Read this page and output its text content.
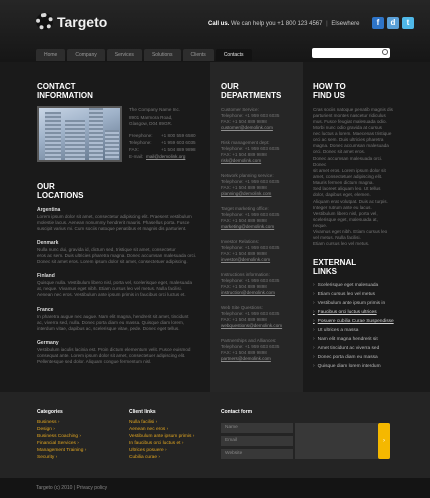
Targeto	Call us. We can help you +1 800 123 4567 | Elsewhere	f	d	t
Home	Company	Services	Solutions	Clients	Contacts
CONTACT
INFORMATION
The Company Name Inc.
8901 Marmora Road,
Glasgow, D04 89GR.
Freephone: +1 800 559 6580
Telephone: +1 959 603 6035
FAX:	+1 504 889 9898
E-mail: mail@demolink.org
OUR
LOCATIONS
Argentina
Lorem ipsum dolor sit amet, consectetur adipiscing elit. Praesent vestibulum
molestie lacus. Aenean nonummy hendrerit mauris. Phasellus porta. Fusce
suscipit varius mi. Cum sociis natoque penatibus et magnis dis parturient.
Denmark
Nulla nunc dui, gravida id, dictum sed, tristique sit amet, consectetur
eros ac sem. Duis ultricies pharetra magna. Donec accumsan malesuada orci.
Donec sit amet eros. Lorem ipsum dolor sit amet, consectetuer adipiscing.
Finland
Quisque nulla. Vestibulum libero nisl, porta vel, scelerisque eget, malesuada
at, neque. Vivamus eget nibh. Etiam cursus leo vel metus. Nulla facilisi.
Aenean nec eros. Vestibulum ante ipsum primis in faucibus orci luctus et.
France
In pharetra augue nec augue. Nam elit magna, hendrerit sit amet, tincidunt
ac, viverra sed, nulla. Donec porta diam eu massa. Quisque diam lorem,
interdum vitae, dapibus ac, scelerisque vitae, pede. Donec eget tellus.
Germany
Vestibulum iaculis lacinia est. Proin dictum elementum velit. Fusce euismod
consequat ante. Lorem ipsum dolor sit amet, consectetuer adipiscing elit.
Pellentesque sed dolor. Aliquam congue fermentum nisl.
OUR
DEPARTMENTS
Customer Service:
Telephone: +1 959 603 6035
FAX: +1 504 889 9898
customer@demolink.com
Risk management dept:
Telephone: +1 959 603 6035
FAX: +1 504 889 9898
risk@demolink.com
Network planning service:
Telephone: +1 959 603 6035
FAX: +1 504 889 9898
planning@demolink.com
Target marketing office:
Telephone: +1 959 603 6035
FAX: +1 504 889 9898
marketing@demolink.com
Investor Relations:
Telephone: +1 959 603 6035
FAX: +1 504 889 9898
investor@demolink.com
Instructions information:
Telephone: +1 959 603 6035
FAX: +1 504 889 9898
instruction@demolink.com
Web Site Questions:
Telephone: +1 959 603 6035
FAX: +1 504 889 9898
webquestions@demolink.com
Partnerships and Alliances:
Telephone: +1 959 603 6035
FAX: +1 504 889 9898
partners@demolink.com
HOW TO
FIND US
Cras sociis natoque penatib magnis dis
parturient montes nascetur ridiculus
mus. Fusce feugiat malesuada odio.
Morbi nunc odio gravida at cursus
nec luctus a lorem. Maecenas tristique
orci ac sem. Duis ultricies pharetra
magna. Donec accumsan malesuada
orci. Donec sit amet eros.
Donec accumsan malesuada orci. Donec
sit amet eros. Lorem ipsum dolor sit
amet, consectetuer adipiscing elit.
Mauris fermen dictum magna.
Sed laoreet aliquam leo. Ut tellus
dolor, dapibus eget, elemen.
Aliquam erat volutpat. Duis ac turpis.
Integer rutrum ante eu lacus.
Vestibulum libero nisl, porta vel,
scelerisque eget, malesuada at, neque.
Vivamus eget nibh. Etiam cursus leo
vel metus. Nulla facilisi.
Etiam cursus leo vel metus.
EXTERNAL
LINKS
› Scelerisque eget malesuada
› Etiam cursus leo vel metus
› Vestibulum ante ipsum primis in
› Faucibus orci luctus ultrices
› Posuere cubilia Curae Suspendisse
› Ut ultrices a massa
› Nam elit magna hendrerit sit
› Amet tincidunt ac viverra sed
› Donec porta diam eu massa
› Quisque diam lorem interdum
Categories
Business ›
Design ›
Business Coaching ›
Financial Services ›
Management Training ›
Security ›
Client links
Nulla facilisi ›
Aenean nec eros ›
Vestibulum ante ipsum primis ›
In faucibus orci luctus et ›
Ultrices posuere ›
Cubilia curae ›
Contact form
Name
Email
Website
›
Targeto (c) 2010 | Privacy policy
